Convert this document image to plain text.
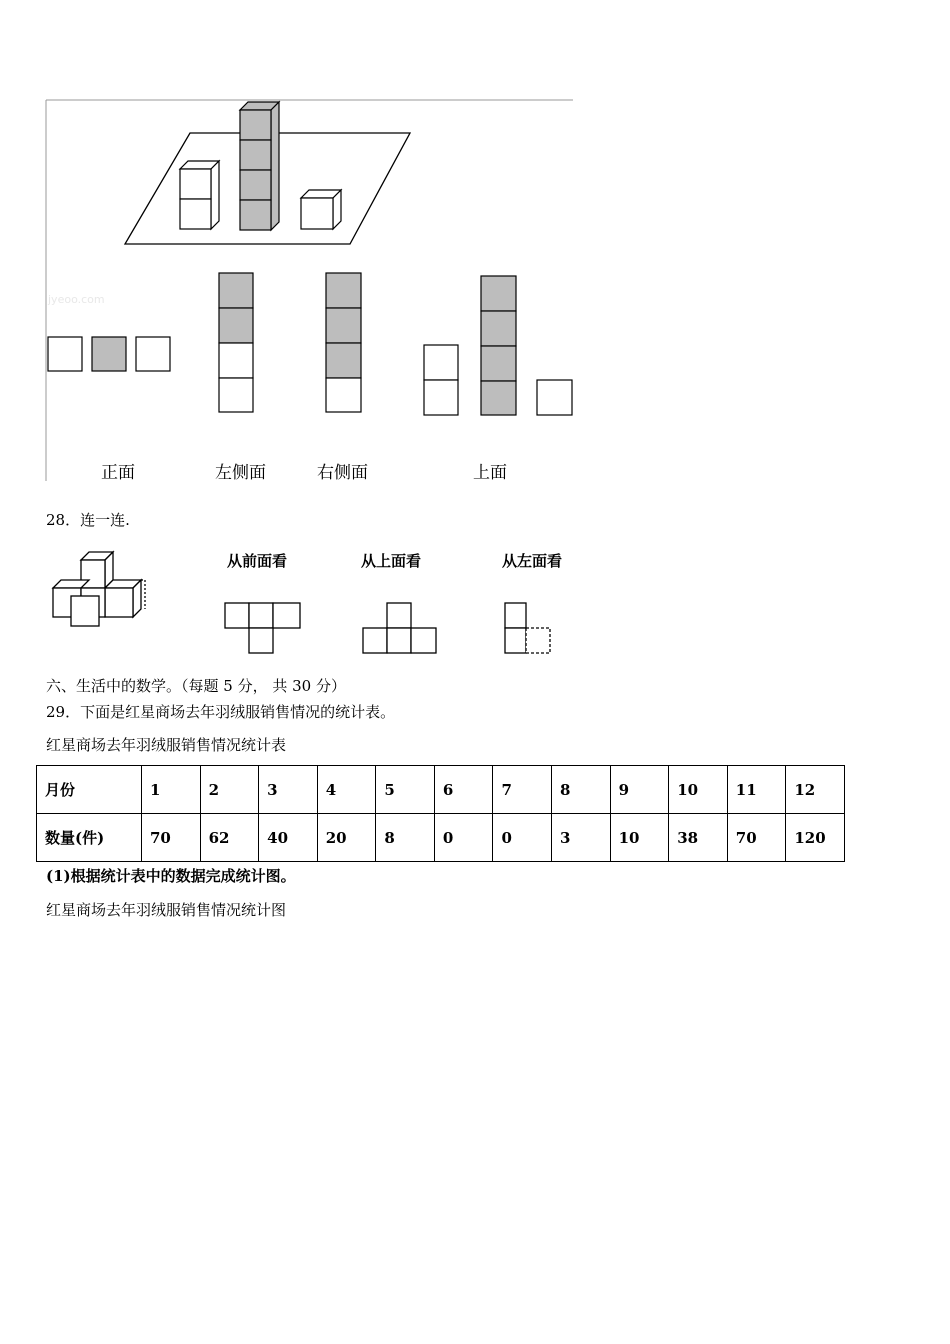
jyeoo.com
正面	左侧面	右侧面	上面
28．连一连.
从前面看	从上面看	从左面看
六、生活中的数学。（每题 5 分， 共 30 分）
29．下面是红星商场去年羽绒服销售情况的统计表。
红星商场去年羽绒服销售情况统计表
月份	1	2	3	4	5	6	7	8	9	10	11	12
数量(件)	70	62	40	20	8	0	0	3	10	38	70	120
(1)根据统计表中的数据完成统计图。
红星商场去年羽绒服销售情况统计图
